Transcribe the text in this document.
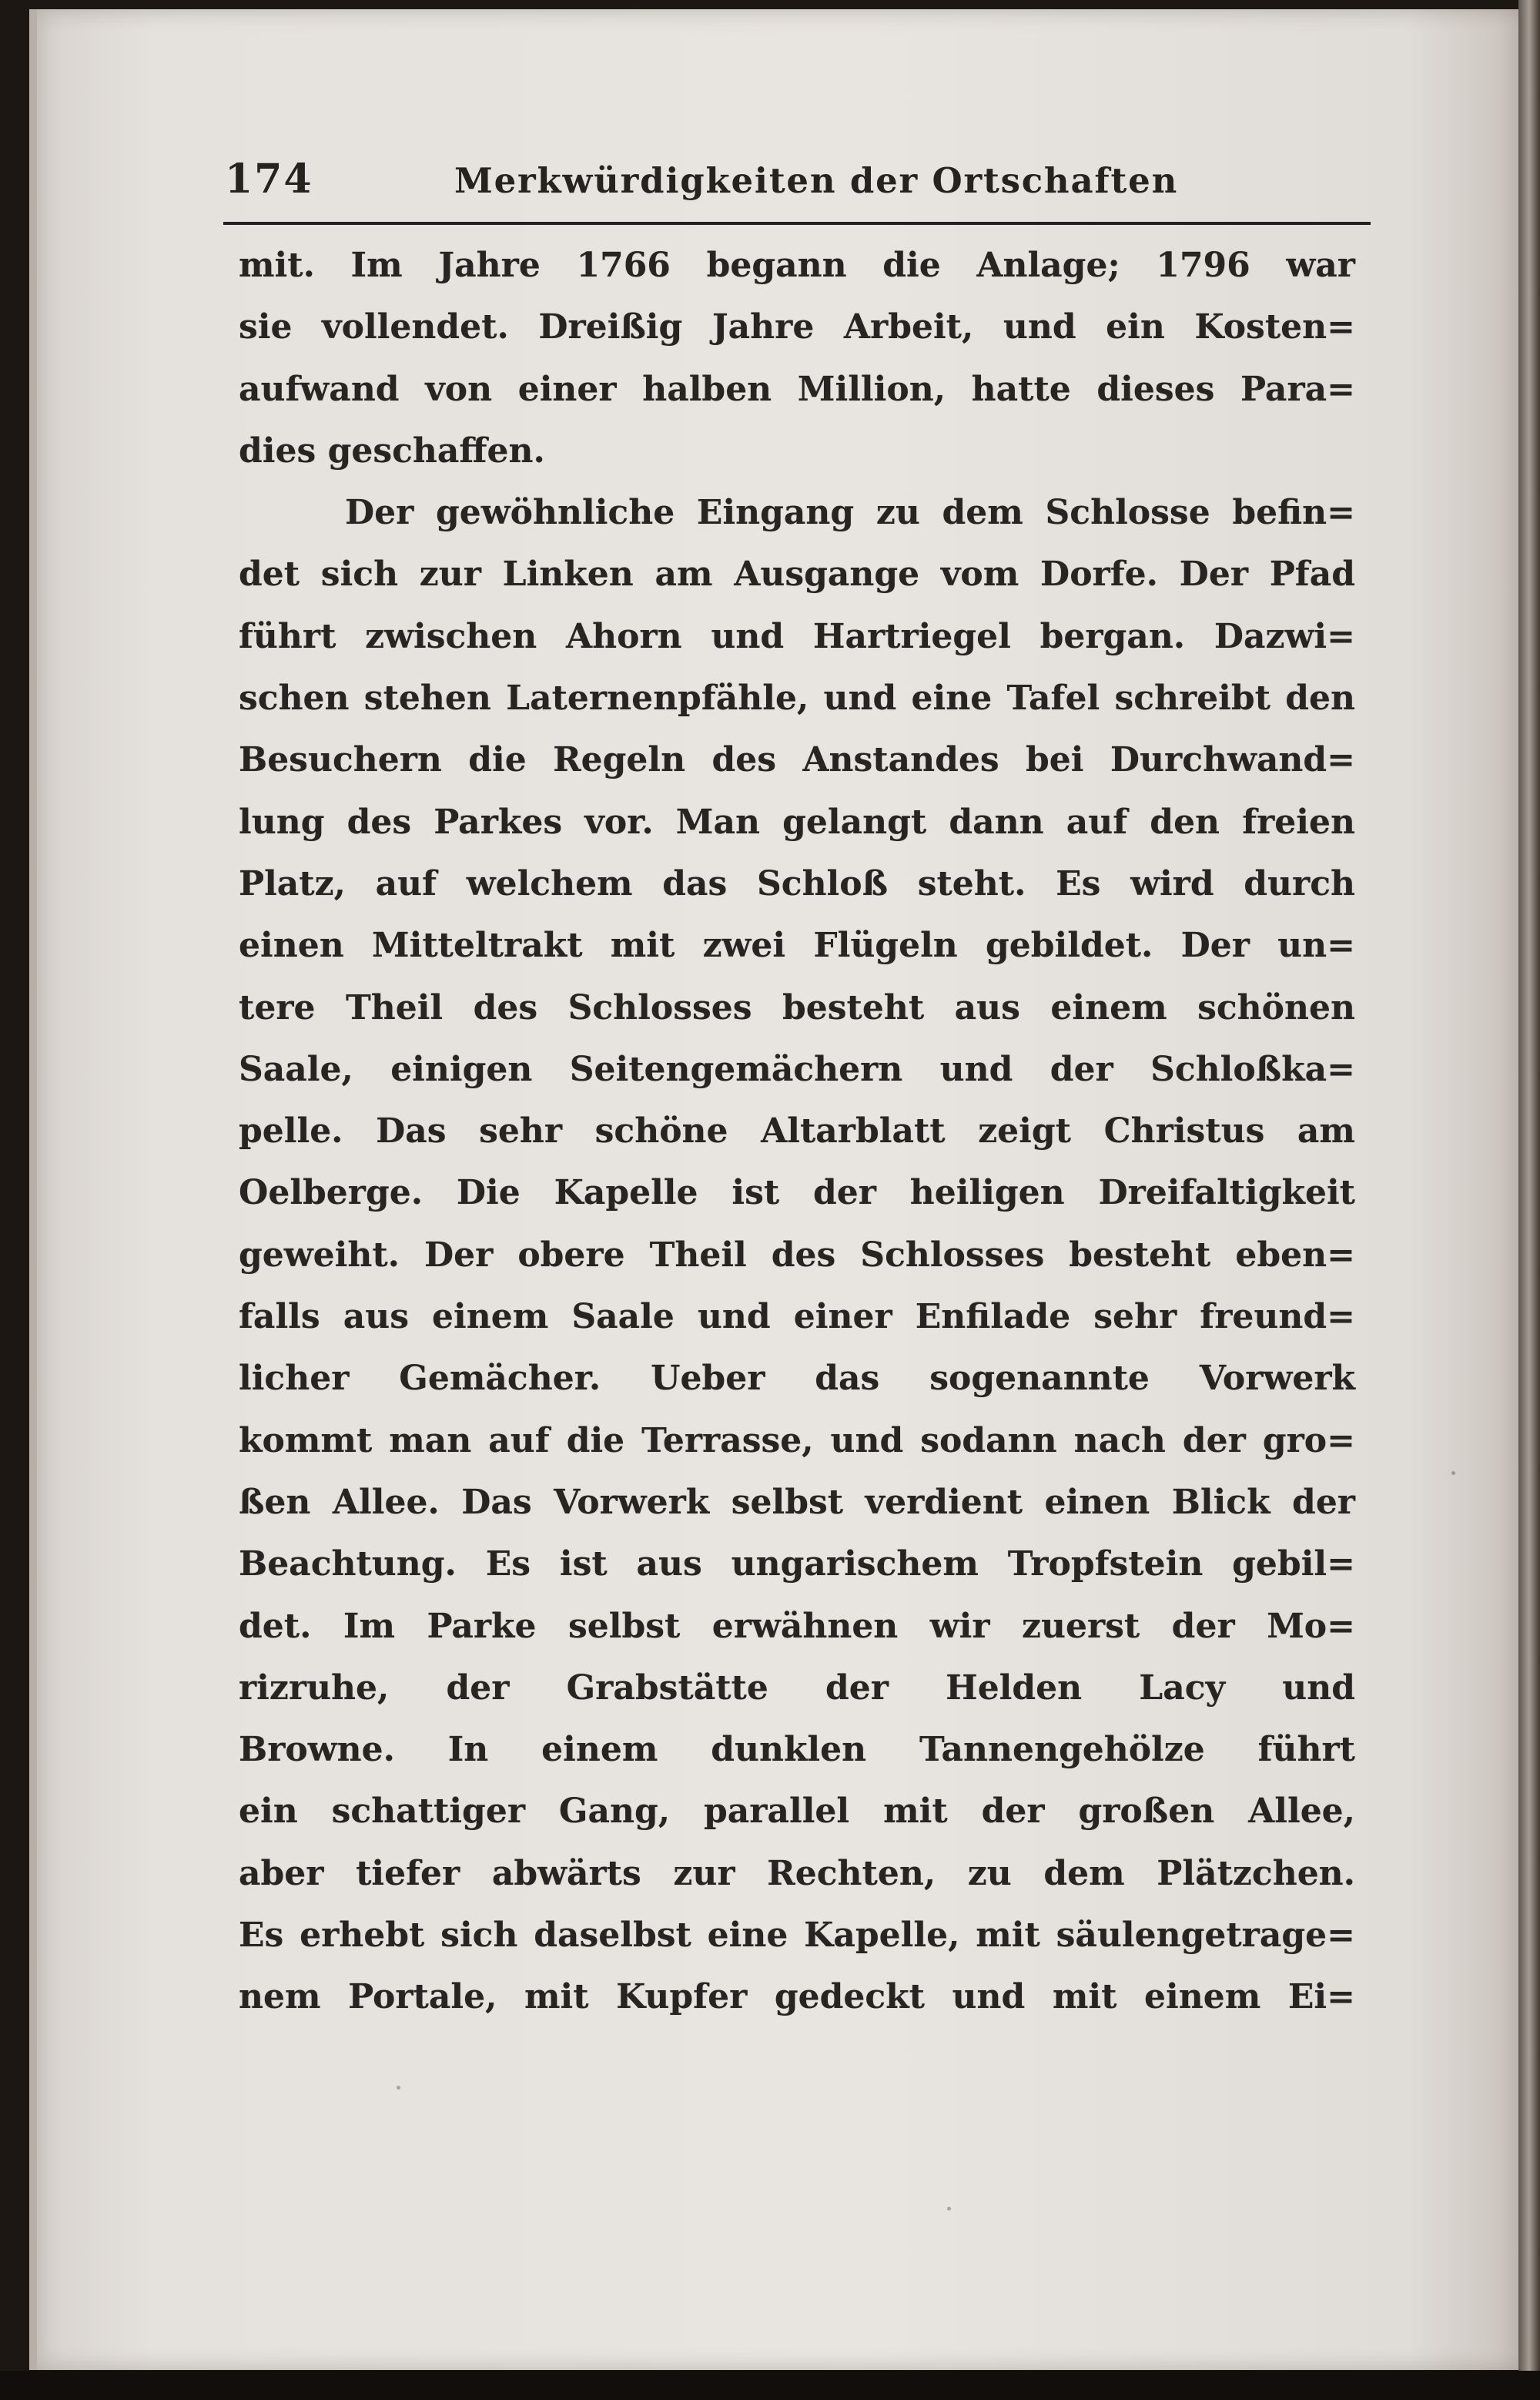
174	Merkwürdigkeiten der Ortschaften
mit. Im Jahre 1766 begann die Anlage; 1796 war
sie vollendet. Dreißig Jahre Arbeit, und ein Kosten=
aufwand von einer halben Million, hatte dieses Para=
dies geschaffen.
Der gewöhnliche Eingang zu dem Schlosse befin=
det sich zur Linken am Ausgange vom Dorfe. Der Pfad
führt zwischen Ahorn und Hartriegel bergan. Dazwi=
schen stehen Laternenpfähle, und eine Tafel schreibt den
Besuchern die Regeln des Anstandes bei Durchwand=
lung des Parkes vor. Man gelangt dann auf den freien
Platz, auf welchem das Schloß steht. Es wird durch
einen Mitteltrakt mit zwei Flügeln gebildet. Der un=
tere Theil des Schlosses besteht aus einem schönen
Saale, einigen Seitengemächern und der Schloßka=
pelle. Das sehr schöne Altarblatt zeigt Christus am
Oelberge. Die Kapelle ist der heiligen Dreifaltigkeit
geweiht. Der obere Theil des Schlosses besteht eben=
falls aus einem Saale und einer Enfilade sehr freund=
licher Gemächer. Ueber das sogenannte Vorwerk
kommt man auf die Terrasse, und sodann nach der gro=
ßen Allee. Das Vorwerk selbst verdient einen Blick der
Beachtung. Es ist aus ungarischem Tropfstein gebil=
det. Im Parke selbst erwähnen wir zuerst der Mo=
rizruhe, der Grabstätte der Helden Lacy und
Browne. In einem dunklen Tannengehölze führt
ein schattiger Gang, parallel mit der großen Allee,
aber tiefer abwärts zur Rechten, zu dem Plätzchen.
Es erhebt sich daselbst eine Kapelle, mit säulengetrage=
nem Portale, mit Kupfer gedeckt und mit einem Ei=
